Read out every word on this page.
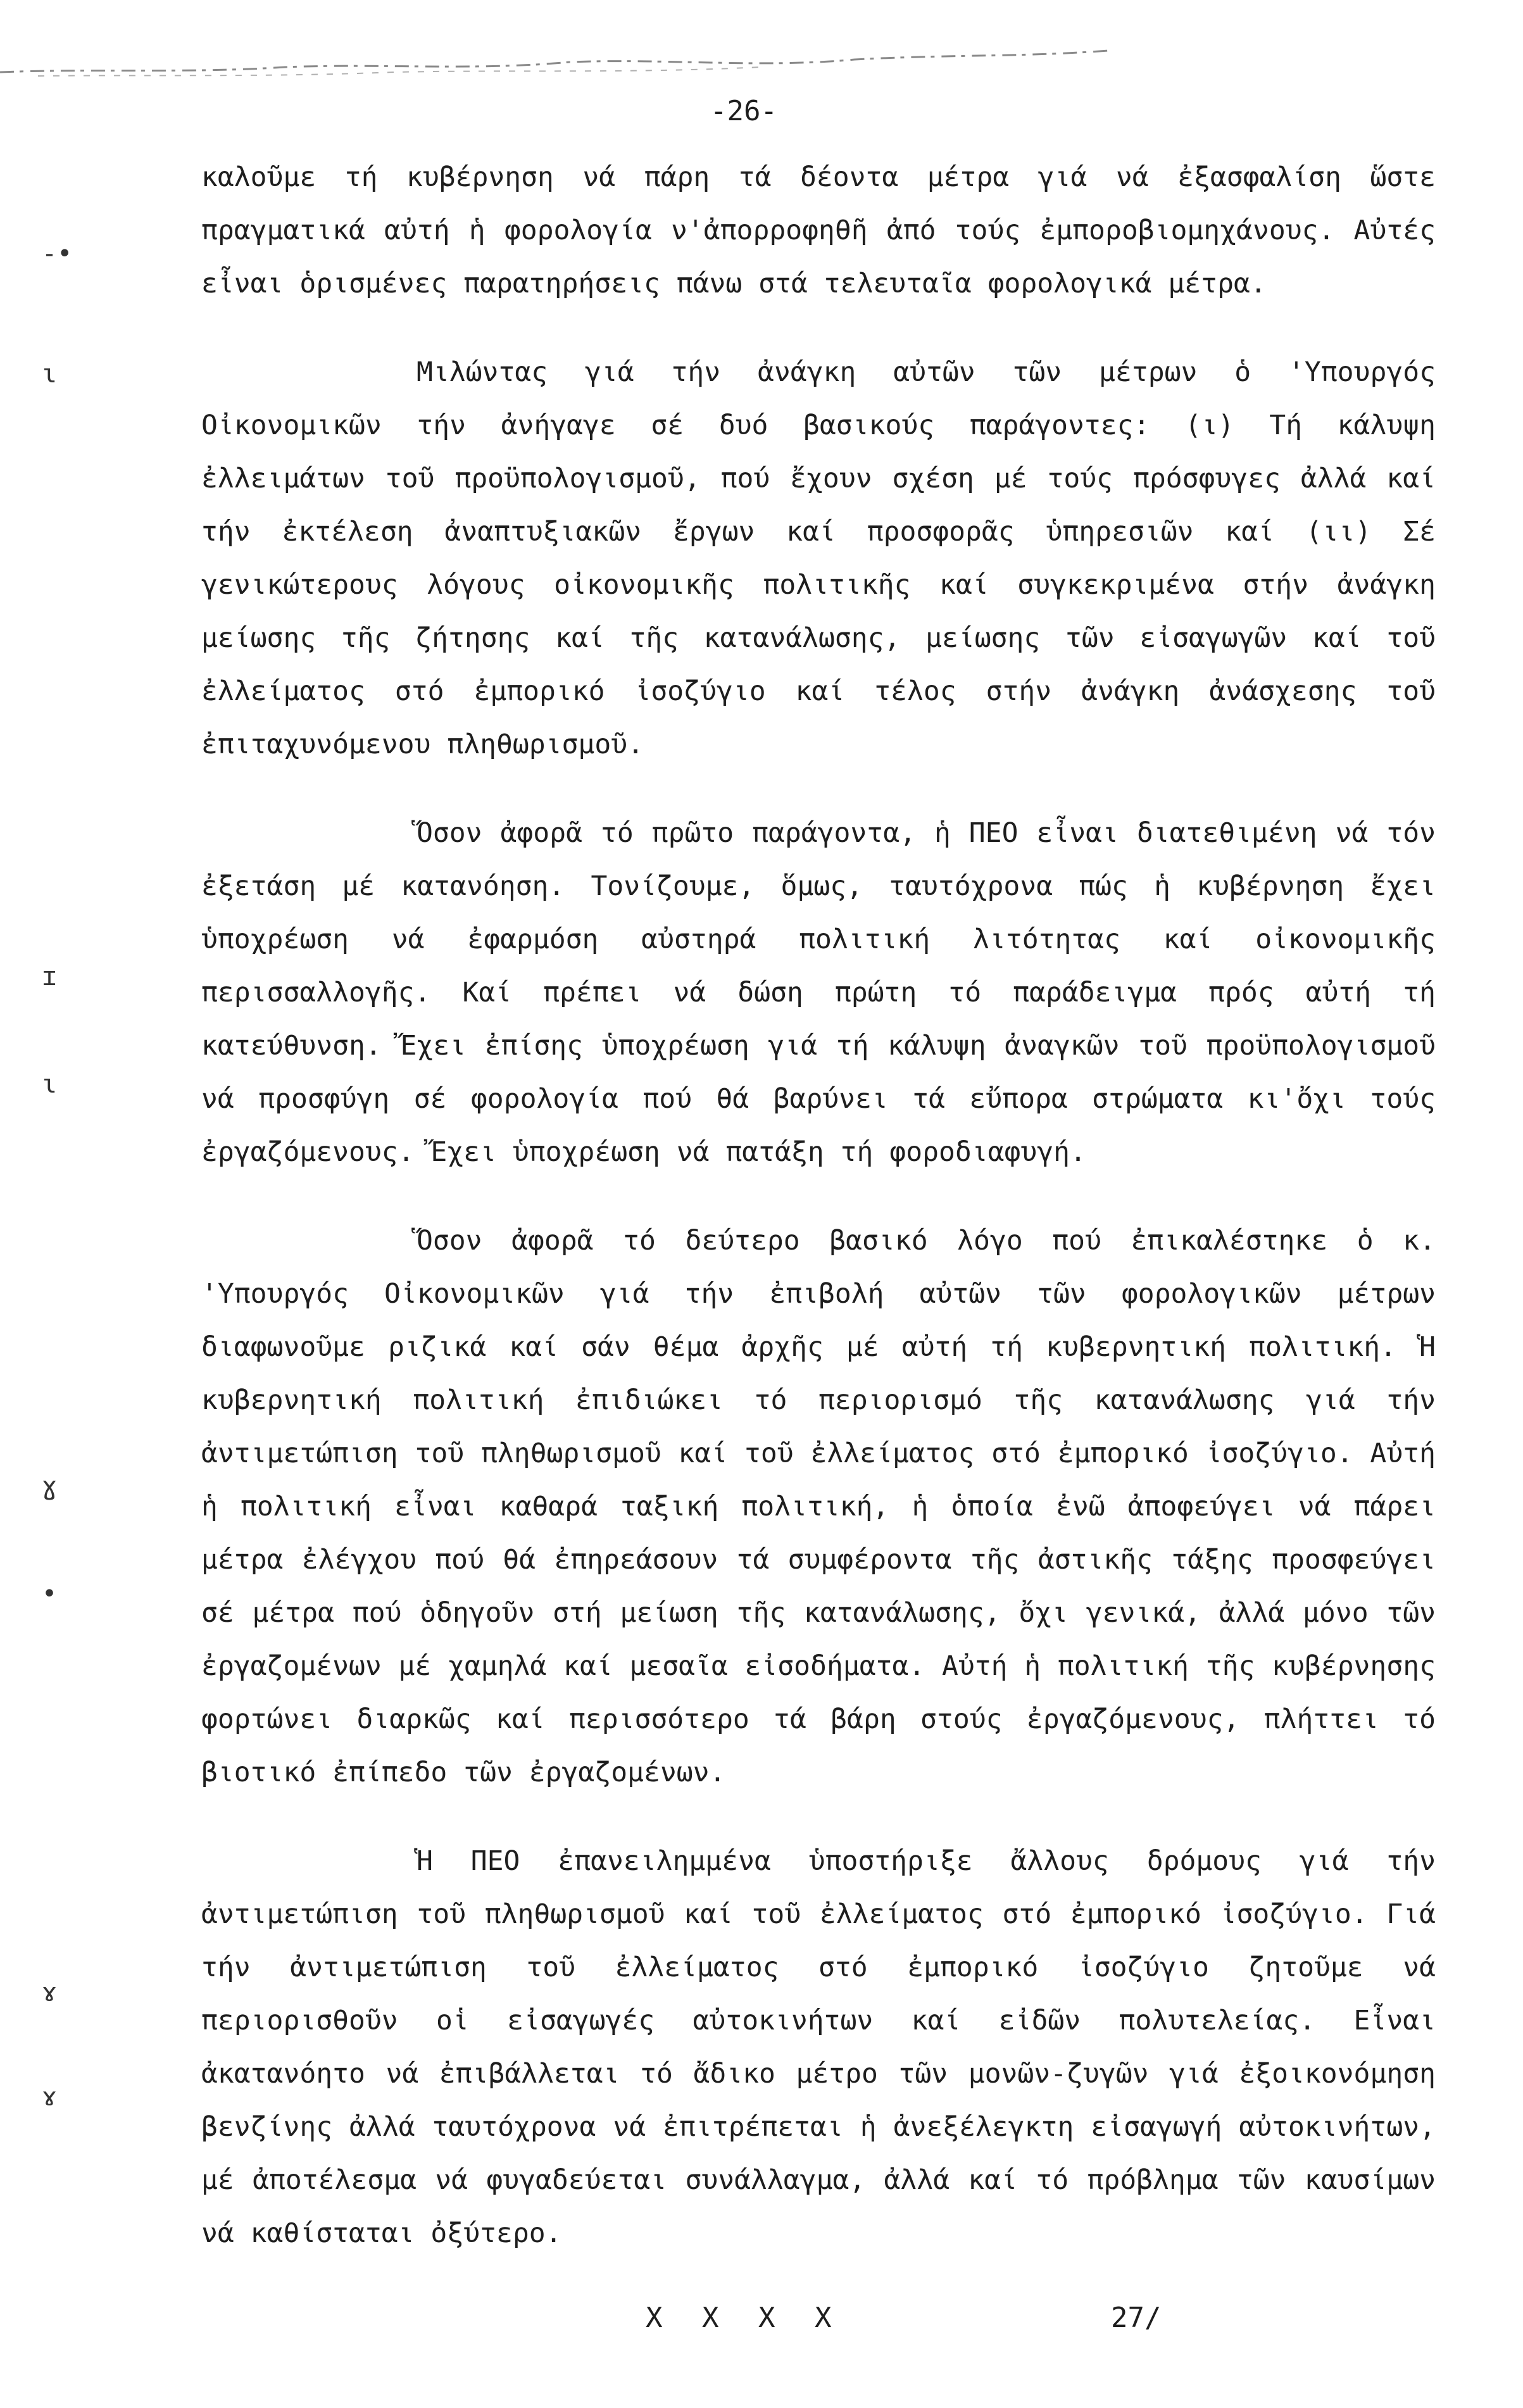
-26-
-•
ɩ
ɪ
ɩ
ɣ
•
ɤ
ɤ

καλοῦμε τή κυβέρνηση νά πάρη τά δέοντα μέτρα γιά νά ἐξασφαλίση ὥστε πραγματικά αὐτή ἡ φορολογία ν'ἀπορροφηθῆ ἀπό τούς ἐμποροβιομηχάνους. Αὐτές εἶναι ὁρισμένες παρατηρήσεις πάνω στά τελευταῖα φορολογικά μέτρα.

Μιλώντας γιά τήν ἀνάγκη αὐτῶν τῶν μέτρων ὁ 'Υπουργός Οἰκονομικῶν τήν ἀνήγαγε σέ δυό βασικούς παράγοντες: (ι) Τή κάλυψη ἐλλειμάτων τοῦ προϋπολογισμοῦ, πού ἔχουν σχέση μέ τούς πρόσφυγες ἀλλά καί τήν ἐκτέλεση ἀναπτυξιακῶν ἔργων καί προσφορᾶς ὑπηρεσιῶν καί (ιι) Σέ γενικώτερους λόγους οἰκονομικῆς πολιτικῆς καί συγκεκριμένα στήν ἀνάγκη μείωσης τῆς ζήτησης καί τῆς κατανάλωσης, μείωσης τῶν εἰσαγωγῶν καί τοῦ ἐλλείματος στό ἐμπορικό ἰσοζύγιο καί τέλος στήν ἀνάγκη ἀνάσχεσης τοῦ ἐπιταχυνόμενου πληθωρισμοῦ.

Ὅσον ἀφορᾶ τό πρῶτο παράγοντα, ἡ ΠΕΟ εἶναι διατεθιμένη νά τόν ἐξετάση μέ κατανόηση. Τονίζουμε, ὅμως, ταυτόχρονα πώς ἡ κυβέρνηση ἔχει ὑποχρέωση νά ἐφαρμόση αὐστηρά πολιτική λιτότητας καί οἰκονομικῆς περισσαλλογῆς. Καί πρέπει νά δώση πρώτη τό παράδειγμα πρός αὐτή τή κατεύθυνση. Ἔχει ἐπίσης ὑποχρέωση γιά τή κάλυψη ἀναγκῶν τοῦ προϋπολογισμοῦ νά προσφύγη σέ φορολογία πού θά βαρύνει τά εὔπορα στρώματα κι'ὄχι τούς ἐργαζόμενους. Ἔχει ὑποχρέωση νά πατάξη τή φοροδιαφυγή.

Ὅσον ἀφορᾶ τό δεύτερο βασικό λόγο πού ἐπικαλέστηκε ὁ κ. 'Υπουργός Οἰκονομικῶν γιά τήν ἐπιβολή αὐτῶν τῶν φορολογικῶν μέτρων διαφωνοῦμε ριζικά καί σάν θέμα ἀρχῆς μέ αὐτή τή κυβερνητική πολιτική. Ἡ κυβερνητική πολιτική ἐπιδιώκει τό περιορισμό τῆς κατανάλωσης γιά τήν ἀντιμετώπιση τοῦ πληθωρισμοῦ καί τοῦ ἐλλείματος στό ἐμπορικό ἰσοζύγιο. Αὐτή ἡ πολιτική εἶναι καθαρά ταξική πολιτική, ἡ ὁποία ἐνῶ ἀποφεύγει νά πάρει μέτρα ἐλέγχου πού θά ἐπηρεάσουν τά συμφέροντα τῆς ἀστικῆς τάξης προσφεύγει σέ μέτρα πού ὁδηγοῦν στή μείωση τῆς κατανάλωσης, ὄχι γενικά, ἀλλά μόνο τῶν ἐργαζομένων μέ χαμηλά καί μεσαῖα εἰσοδήματα. Αὐτή ἡ πολιτική τῆς κυβέρνησης φορτώνει διαρκῶς καί περισσότερο τά βάρη στούς ἐργαζόμενους, πλήττει τό βιοτικό ἐπίπεδο τῶν ἐργαζομένων.

Ἡ ΠΕΟ ἐπανειλημμένα ὑποστήριξε ἄλλους δρόμους γιά τήν ἀντιμετώπιση τοῦ πληθωρισμοῦ καί τοῦ ἐλλείματος στό ἐμπορικό ἰσοζύγιο. Γιά τήν ἀντιμετώπιση τοῦ ἐλλείματος στό ἐμπορικό ἰσοζύγιο ζητοῦμε νά περιορισθοῦν οἱ εἰσαγωγές αὐτοκινήτων καί εἰδῶν πολυτελείας. Εἶναι ἀκατανόητο νά ἐπιβάλλεται τό ἄδικο μέτρο τῶν μονῶν-ζυγῶν γιά ἐξοικονόμηση βενζίνης ἀλλά ταυτόχρονα νά ἐπιτρέπεται ἡ ἀνεξέλεγκτη εἰσαγωγή αὐτοκινήτων, μέ ἀποτέλεσμα νά φυγαδεύεται συνάλλαγμα, ἀλλά καί τό πρόβλημα τῶν καυσίμων νά καθίσταται ὀξύτερο.

X X X X	27/
